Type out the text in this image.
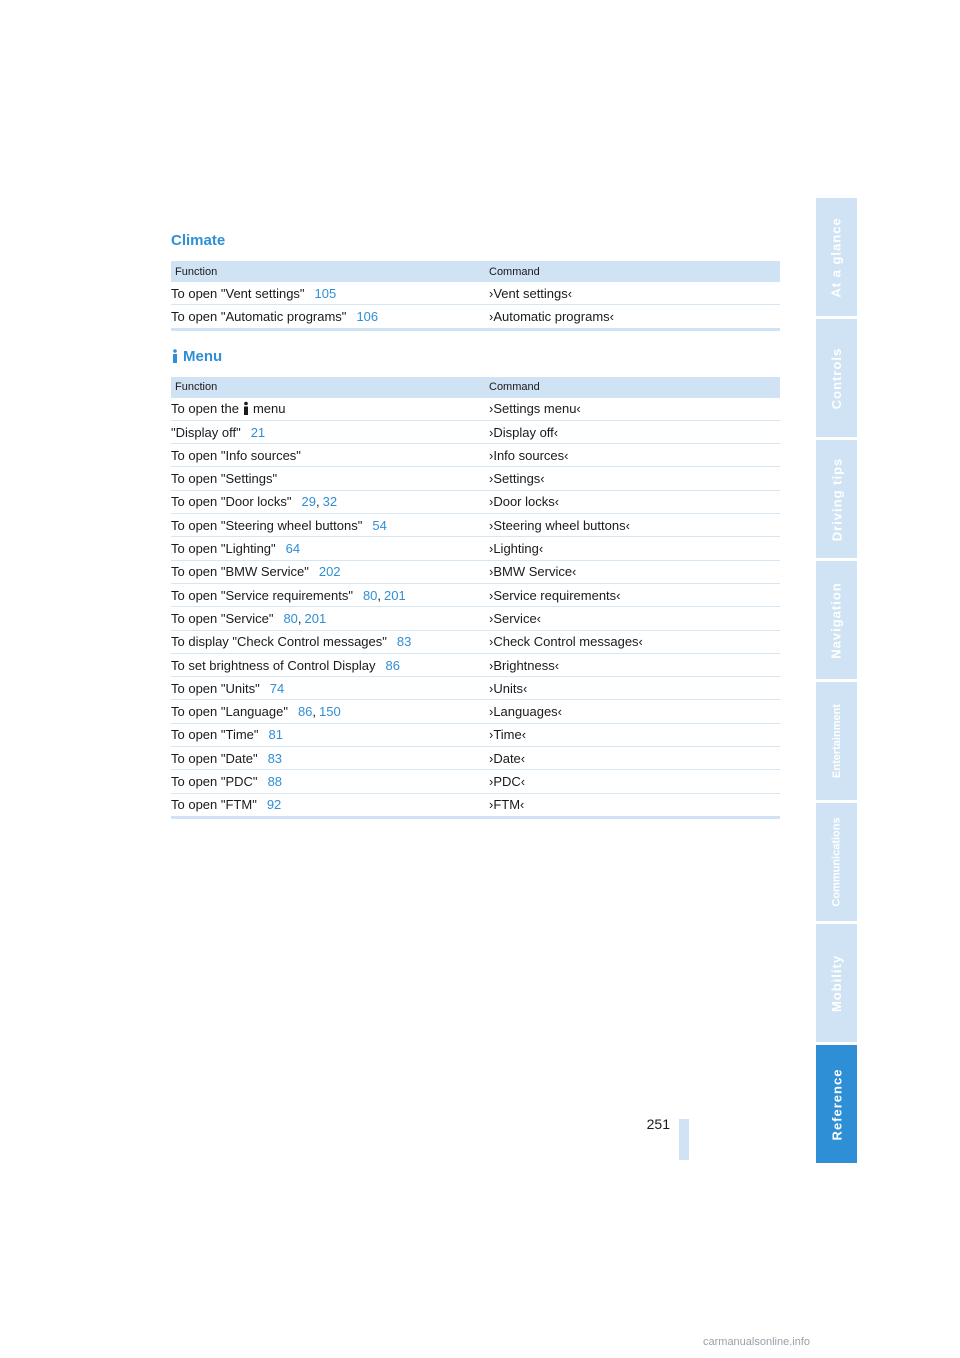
Climate
Function	Command
To open "Vent settings" 105	›Vent settings‹
To open "Automatic programs" 106	›Automatic programs‹
Menu
Function	Command
To open the menu	›Settings menu‹
"Display off" 21	›Display off‹
To open "Info sources"	›Info sources‹
To open "Settings"	›Settings‹
To open "Door locks" 29 , 32	›Door locks‹
To open "Steering wheel buttons" 54	›Steering wheel buttons‹
To open "Lighting" 64	›Lighting‹
To open "BMW Service" 202	›BMW Service‹
To open "Service requirements" 80 , 201	›Service requirements‹
To open "Service" 80 , 201	›Service‹
To display "Check Control messages" 83	›Check Control messages‹
To set brightness of Control Display 86	›Brightness‹
To open "Units" 74	›Units‹
To open "Language" 86 , 150	›Languages‹
To open "Time" 81	›Time‹
To open "Date" 83	›Date‹
To open "PDC" 88	›PDC‹
To open "FTM" 92	›FTM‹
At a glance
Controls
Driving tips
Navigation
Entertainment
Communications
Mobility
Reference
251
carmanualsonline.info
